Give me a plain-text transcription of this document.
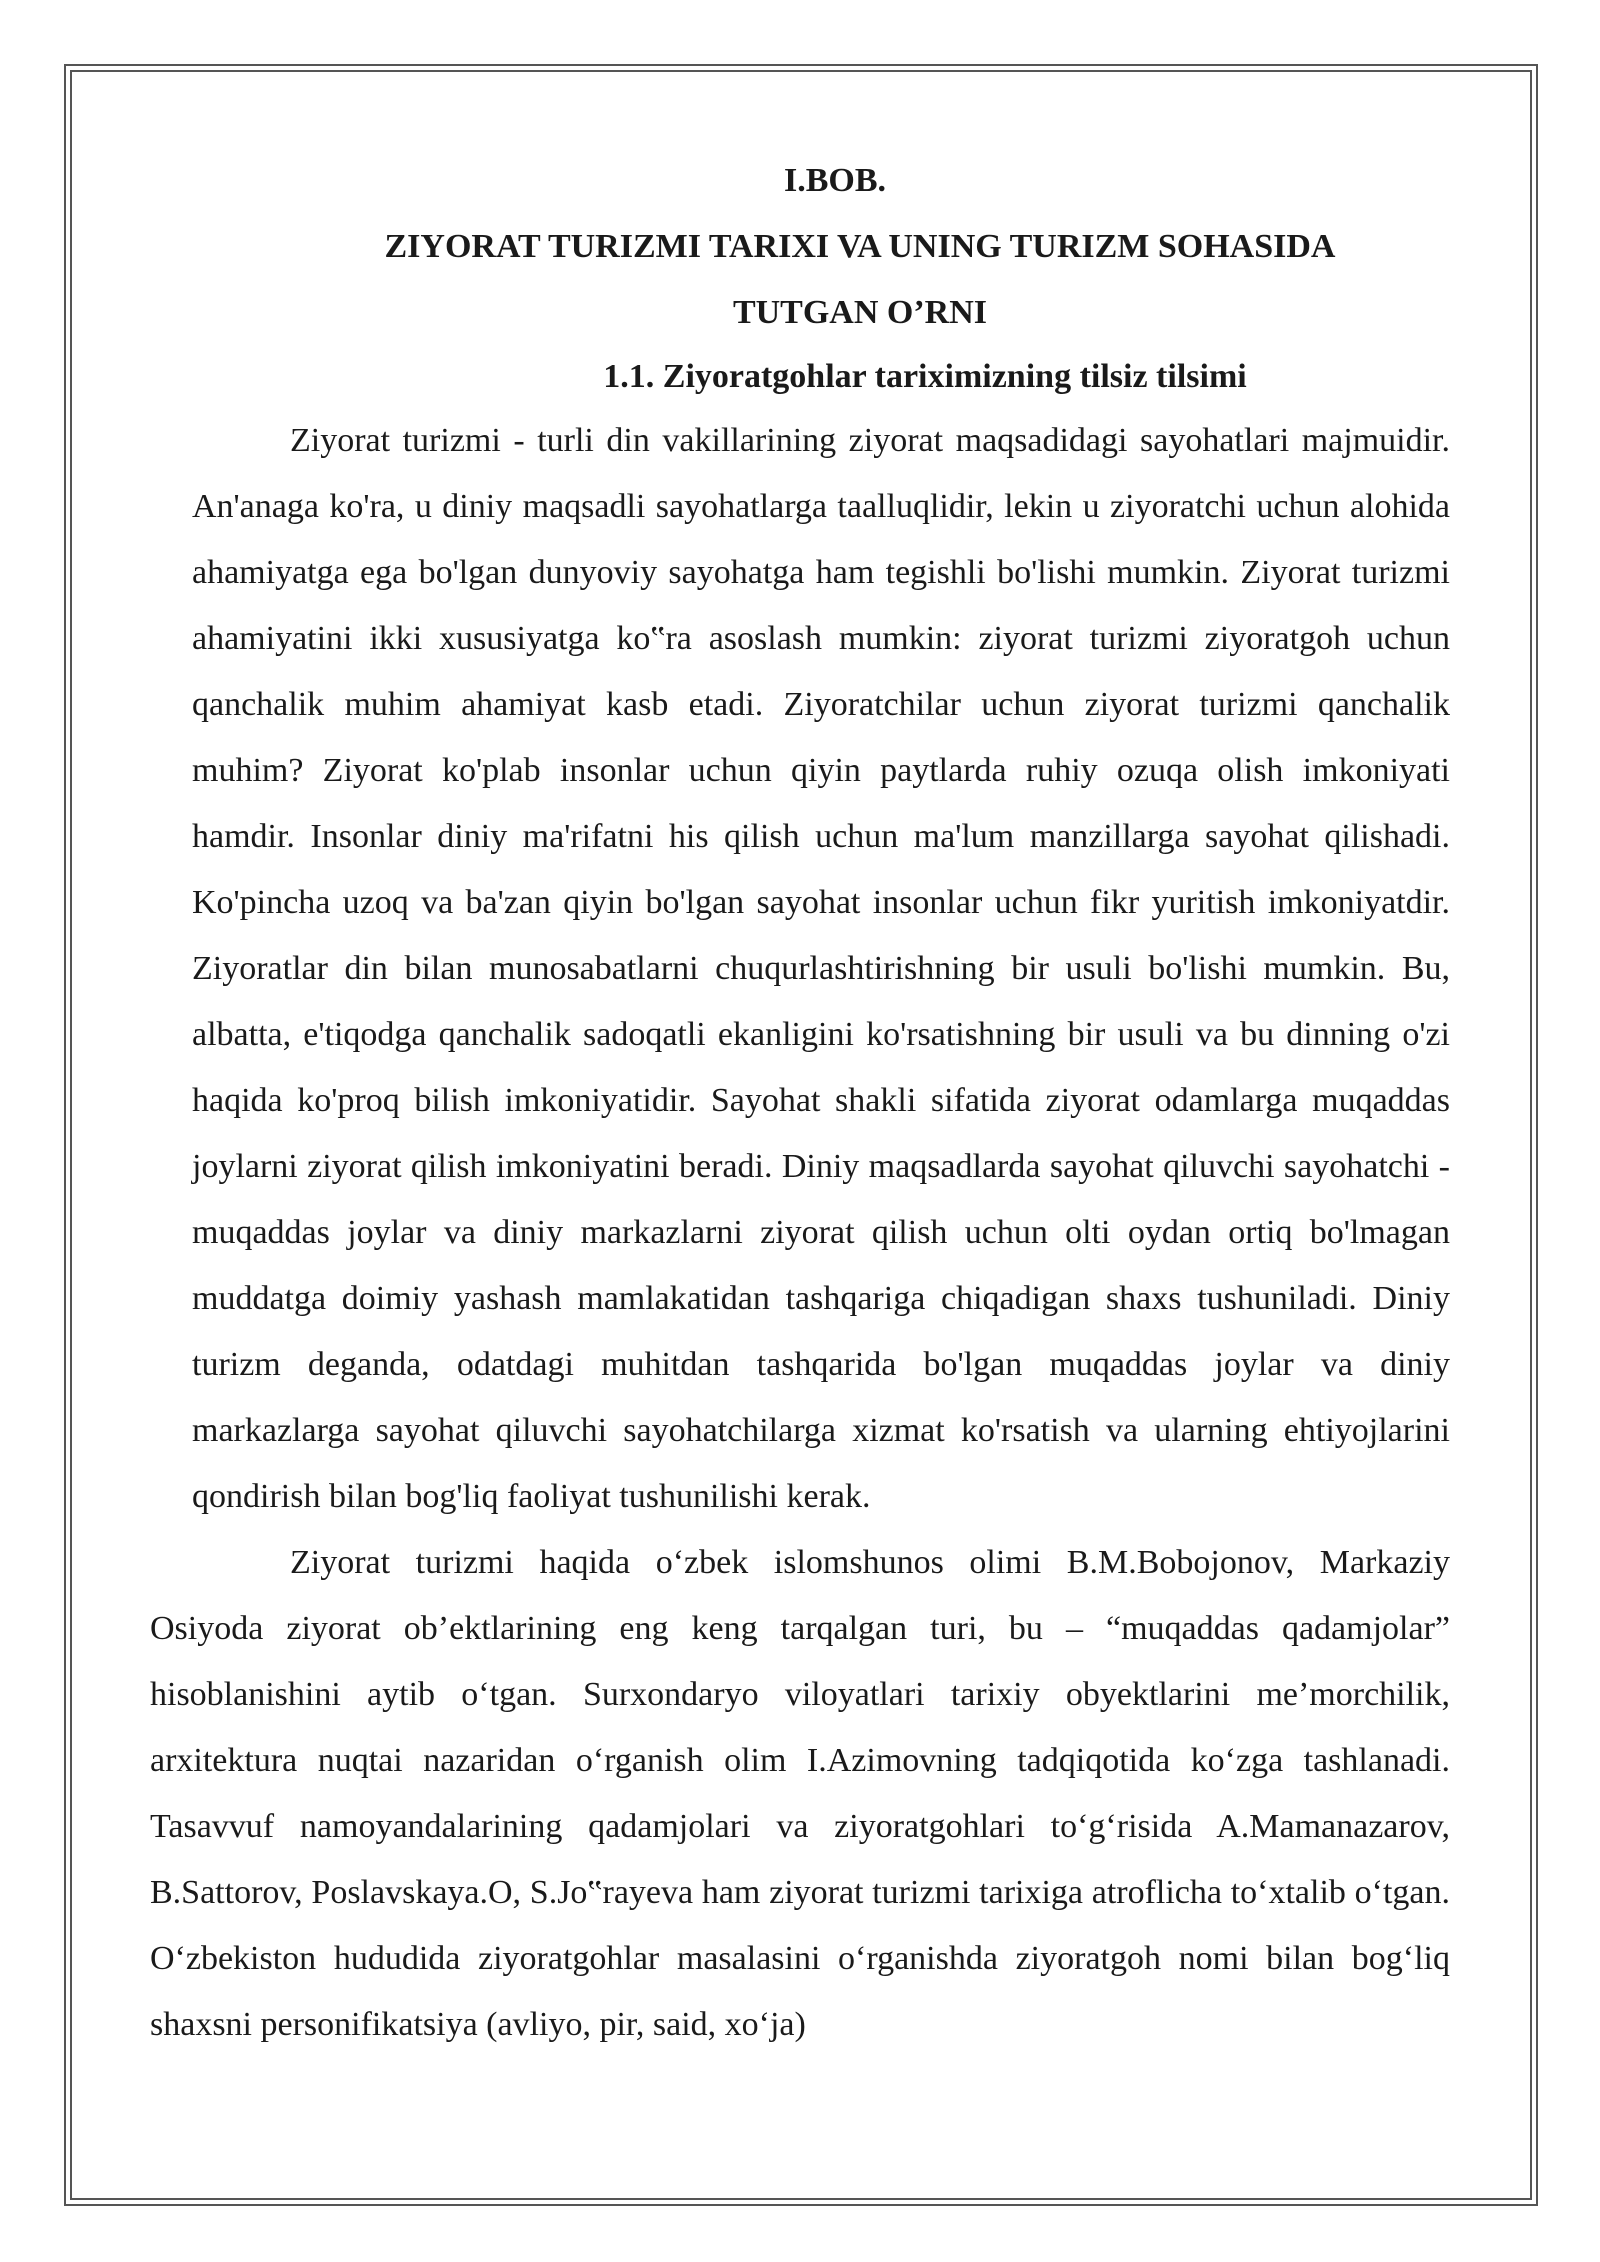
I.BOB.

ZIYORAT TURIZMI TARIXI VA UNING TURIZM SOHASIDA

TUTGAN O’RNI

1.1. Ziyoratgohlar tariximizning tilsiz tilsimi

Ziyorat turizmi - turli din vakillarining ziyorat maqsadidagi sayohatlari majmuidir. An'anaga ko'ra, u diniy maqsadli sayohatlarga taalluqlidir, lekin u ziyoratchi uchun alohida ahamiyatga ega bo'lgan dunyoviy sayohatga ham tegishli bo'lishi mumkin. Ziyorat turizmi ahamiyatini ikki xususiyatga ko‟ra asoslash mumkin: ziyorat turizmi ziyoratgoh uchun qanchalik muhim ahamiyat kasb etadi. Ziyoratchilar uchun ziyorat turizmi qanchalik muhim? Ziyorat ko'plab insonlar uchun qiyin paytlarda ruhiy ozuqa olish imkoniyati hamdir. Insonlar diniy ma'rifatni his qilish uchun ma'lum manzillarga sayohat qilishadi. Ko'pincha uzoq va ba'zan qiyin bo'lgan sayohat insonlar uchun fikr yuritish imkoniyatdir. Ziyoratlar din bilan munosabatlarni chuqurlashtirishning bir usuli bo'lishi mumkin. Bu, albatta, e'tiqodga qanchalik sadoqatli ekanligini ko'rsatishning bir usuli va bu dinning o'zi haqida ko'proq bilish imkoniyatidir. Sayohat shakli sifatida ziyorat odamlarga muqaddas joylarni ziyorat qilish imkoniyatini beradi. Diniy maqsadlarda sayohat qiluvchi sayohatchi - muqaddas joylar va diniy markazlarni ziyorat qilish uchun olti oydan ortiq bo'lmagan muddatga doimiy yashash mamlakatidan tashqariga chiqadigan shaxs tushuniladi. Diniy turizm deganda, odatdagi muhitdan tashqarida bo'lgan muqaddas joylar va diniy markazlarga sayohat qiluvchi sayohatchilarga xizmat ko'rsatish va ularning ehtiyojlarini qondirish bilan bog'liq faoliyat tushunilishi kerak.

Ziyorat turizmi haqida o‘zbek islomshunos olimi B.M.Bobojonov, Markaziy Osiyoda ziyorat ob’ektlarining eng keng tarqalgan turi, bu – “muqaddas qadamjolar” hisoblanishini aytib o‘tgan. Surxondaryo viloyatlari tarixiy obyektlarini me’morchilik, arxitektura nuqtai nazaridan o‘rganish olim I.Azimovning tadqiqotida ko‘zga tashlanadi. Tasavvuf namoyandalarining qadamjolari va ziyoratgohlari to‘g‘risida A.Mamanazarov, B.Sattorov, Poslavskaya.O, S.Jo‟rayeva ham ziyorat turizmi tarixiga atroflicha to‘xtalib o‘tgan. O‘zbekiston hududida ziyoratgohlar masalasini o‘rganishda ziyoratgoh nomi bilan bog‘liq shaxsni personifikatsiya (avliyo, pir, said, xo‘ja)
